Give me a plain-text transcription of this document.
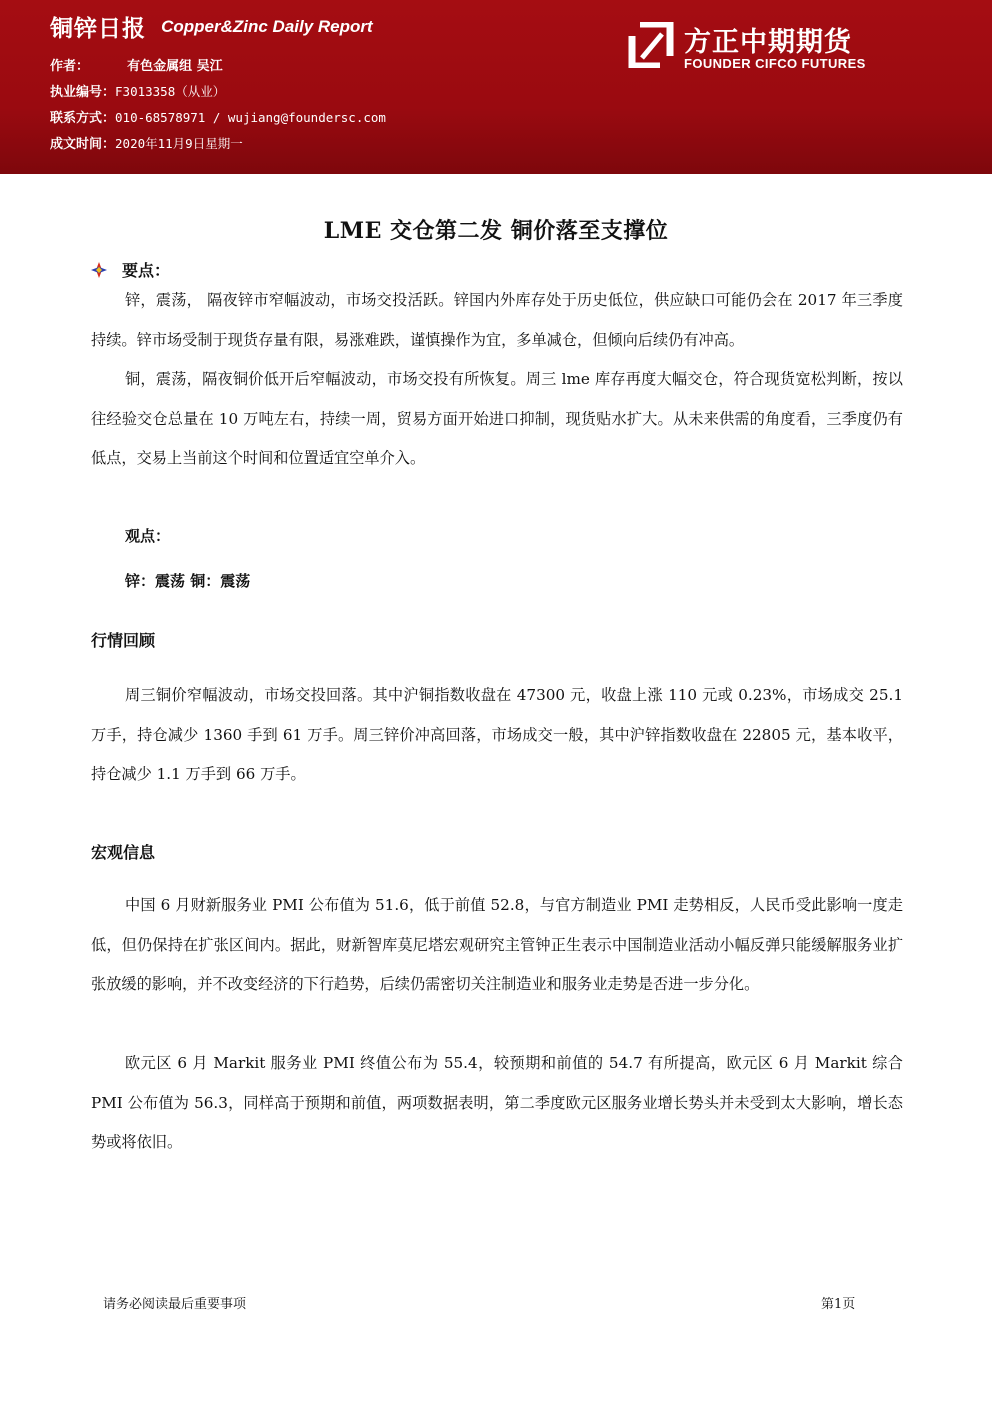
铜锌日报 Copper&Zinc Daily Report
作者：	有色金属组 吴江
执业编号：F3013358（从业）
联系方式：010-68578971 / wujiang@foundersc.com
成文时间：2020年11月9日星期一
方正中期期货
FOUNDER CIFCO FUTURES
LME 交仓第二发 铜价落至支撑位
要点：

锌，震荡， 隔夜锌市窄幅波动，市场交投活跃。锌国内外库存处于历史低位，供应缺口可能仍会在 2017 年三季度持续。锌市场受制于现货存量有限，易涨难跌，谨慎操作为宜，多单减仓，但倾向后续仍有冲高。

铜，震荡，隔夜铜价低开后窄幅波动，市场交投有所恢复。周三 lme 库存再度大幅交仓，符合现货宽松判断，按以往经验交仓总量在 10 万吨左右，持续一周，贸易方面开始进口抑制，现货贴水扩大。从未来供需的角度看，三季度仍有低点，交易上当前这个时间和位置适宜空单介入。

观点：
锌：震荡 铜：震荡
行情回顾

周三铜价窄幅波动，市场交投回落。其中沪铜指数收盘在 47300 元，收盘上涨 110 元或 0.23%，市场成交 25.1 万手，持仓减少 1360 手到 61 万手。周三锌价冲高回落，市场成交一般，其中沪锌指数收盘在 22805 元，基本收平，持仓减少 1.1 万手到 66 万手。

宏观信息

中国 6 月财新服务业 PMI 公布值为 51.6，低于前值 52.8，与官方制造业 PMI 走势相反，人民币受此影响一度走低，但仍保持在扩张区间内。据此，财新智库莫尼塔宏观研究主管钟正生表示中国制造业活动小幅反弹只能缓解服务业扩张放缓的影响，并不改变经济的下行趋势，后续仍需密切关注制造业和服务业走势是否进一步分化。

欧元区 6 月 Markit 服务业 PMI 终值公布为 55.4，较预期和前值的 54.7 有所提高，欧元区 6 月 Markit 综合 PMI 公布值为 56.3，同样高于预期和前值，两项数据表明，第二季度欧元区服务业增长势头并未受到太大影响，增长态势或将依旧。

请务必阅读最后重要事项	第1页
